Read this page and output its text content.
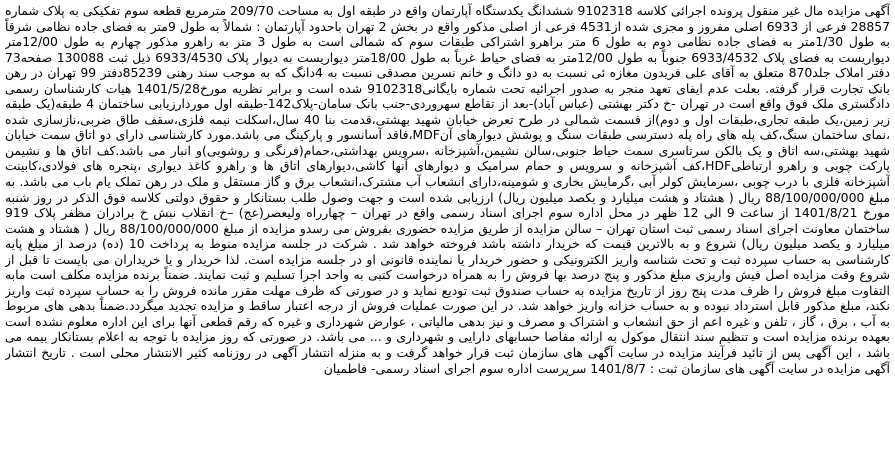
آگهی مزایده مال غیر منقول پرونده اجرائی کلاسه 9102318 ششدانگ یکدستگاه آپارتمان واقع در طبقه اول به مساحت 209/70 مترمربع قطعه سوم تفکیکی به پلاک شماره 28857 فرعی از 6933 اصلی مفروز و مجزی شده از4531 فرعی از اصلی مذکور واقع در بخش 2 تهران باحدود آپارتمان : شمالاً به طول 9متر به فضای جاده نظامی شرقاً به طول 1/30متر به فضای جاده نظامی دوم به طول 6 متر براهرو اشتراکی طبقات سوم که شمالی است به طول 3 متر به راهرو مذکور چهارم به طول 12/00متر دیواریست به فضای پلاک 6933/4532 جنوباً به طول 12/00متر به فضای حیاط غرباً به طول 18/00متر دیواریست به دیوار پلاک 6933/4530 ذیل ثبت 130088 صفحه73 دفتر املاک جلد870 متعلق به آقای علی فریدون مغازه ئی نسبت به دو دانگ و خانم نسرین مصدقی نسبت به 4دانگ که به موجب سند رهنی 85239دفتر 99 تهران در رهن بانک تجارت قرار گرفته. بعلت عدم ایفای تعهد منجر به صدور اجرائیه تحت شماره بایگانی9102318 شده است و برابر نظریه مورخ1401/5/28 هیات کارشناسان رسمی دادگستری ملک فوق واقع است در تهران -خ دکتر بهشتی (عباس آباد)-بعد از تقاطع سهروردی-جنب بانک سامان-پلاک142-طبقه اول موردارزیابی ساختمان 4 طبقه(یک طبقه زیر زمین،یک طبقه تجاری،طبقات اول و دوم)از قسمت شمالی در طرح تعرض خیابان شهید بهشتی،قدمت بنا 40 سال،اسکلت نیمه فلزی،سقف طاق ضربی،نازسازی شده ،نمای ساختمان سنگ،کف پله های راه پله دسترسی طبقات سنگ و پوشش دیوارهای آنMDF،فاقد آسانسور و پارکینگ می باشد.مورد کارشناسی دارای دو اتاق سمت خیابان شهید بهشتی،سه اتاق و یک بالکن سرتاسری سمت حیاط جنوبی،سالن نشیمن،آشپزخانه ،سرویس بهداشتی،حمام(فرنگی و روشویی)و انبار می باشد.کف اتاق ها و نشیمن پارکت چوبی و راهرو ارتباطیHDF،کف آشپزخانه و سرویس و حمام سرامیک و دیوارهای آنها کاشی،دیوارهای اتاق ها و راهرو کاغذ دیواری ،پنجره های فولادی،کابینت آشپزخانه فلزی با درب چوبی ،سرمایش کولر آبی ،گرمایش بخاری و شومینه،دارای انشعاب آب مشترک،انشعاب برق و گاز مستقل و ملک در رهن تملک یام باب می باشد. به مبلغ 88/100/000/000 ریال ( هشتاد و هشت میلیارد و یکصد میلیون ریال) ارزیابی شده است و جهت وصول طلب بستانکار و حقوق دولتی کلاسه فوق الذکر در روز شنبه مورخ 1401/8/21 از ساعت 9 الی 12 ظهر در محل اداره سوم اجرای اسناد رسمی واقع در تهران – چهارراه ولیعصر(عج) –خ انقلاب نبش خ برادران مظفر پلاک 919 ساختمان معاونت اجرای اسناد رسمی ثبت استان تهران – سالن مزایده از طریق مزایده حضوری بفروش می رسدو مزایده از مبلغ 88/100/000/000 ریال ( هشتاد و هشت میلیارد و یکصد میلیون ریال) شروع و به بالاترین قیمت که خریدار داشته باشد فروخته خواهد شد . شرکت در جلسه مزایده منوط به پرداخت 10 (ده) درصد از مبلغ پایه کارشناسی به حساب سپرده ثبت و تحت شناسه واریز الکترونیکی و حضور خریدار یا نماینده قانونی او در جلسه مزایده است. لذا خریدار و یا خریداران می بایست تا قبل از شروع وقت مزایده اصل فیش واریزی مبلغ مذکور و پنج درصد بها فروش را به همراه درخواست کتبی به واحد اجرا تسلیم و ثبت نمایند. ضمناً برنده مزایده مکلف است مابه التفاوت مبلغ فروش را ظرف مدت پنج روز از تاریخ مزایده به حساب صندوق ثبت تودیع نماید و در صورتی که ظرف مهلت مقرر مانده فروش را به حساب سپرده ثبت واریز نکند، مبلغ مذکور قابل استرداد نبوده و به حساب خزانه واریز خواهد شد. در این صورت عملیات فروش از درجه اعتبار ساقط و مزایده تجدید میگردد.ضمناً بدهی های مربوط به آب ، برق ، گاز ، تلفن و غیره اعم از حق انشعاب و اشتراک و مصرف و نیز بدهی مالیاتی ، عوارض شهرداری و غیره که رقم قطعی آنها برای این اداره معلوم نشده است بعهده برنده مزایده است و تنظیم سند انتقال موکول به ارائه مفاصا حسابهای دارایی و شهرداری و ... می باشد. در صورتی که روز مزایده با توجه به اعلام بستانکار بیمه می باشد ، این آگهی پس از تائید فرآیند مزایده در سایت آگهی های سازمان ثبت قرار خواهد گرفت و به منزله انتشار آگهی در روزنامه کثیر الانتشار محلی است . تاریخ انتشار آگهی مزایده در سایت آگهی های سازمان ثبت : 1401/8/7 سرپرست اداره سوم اجرای اسناد رسمی- فاطمیان
